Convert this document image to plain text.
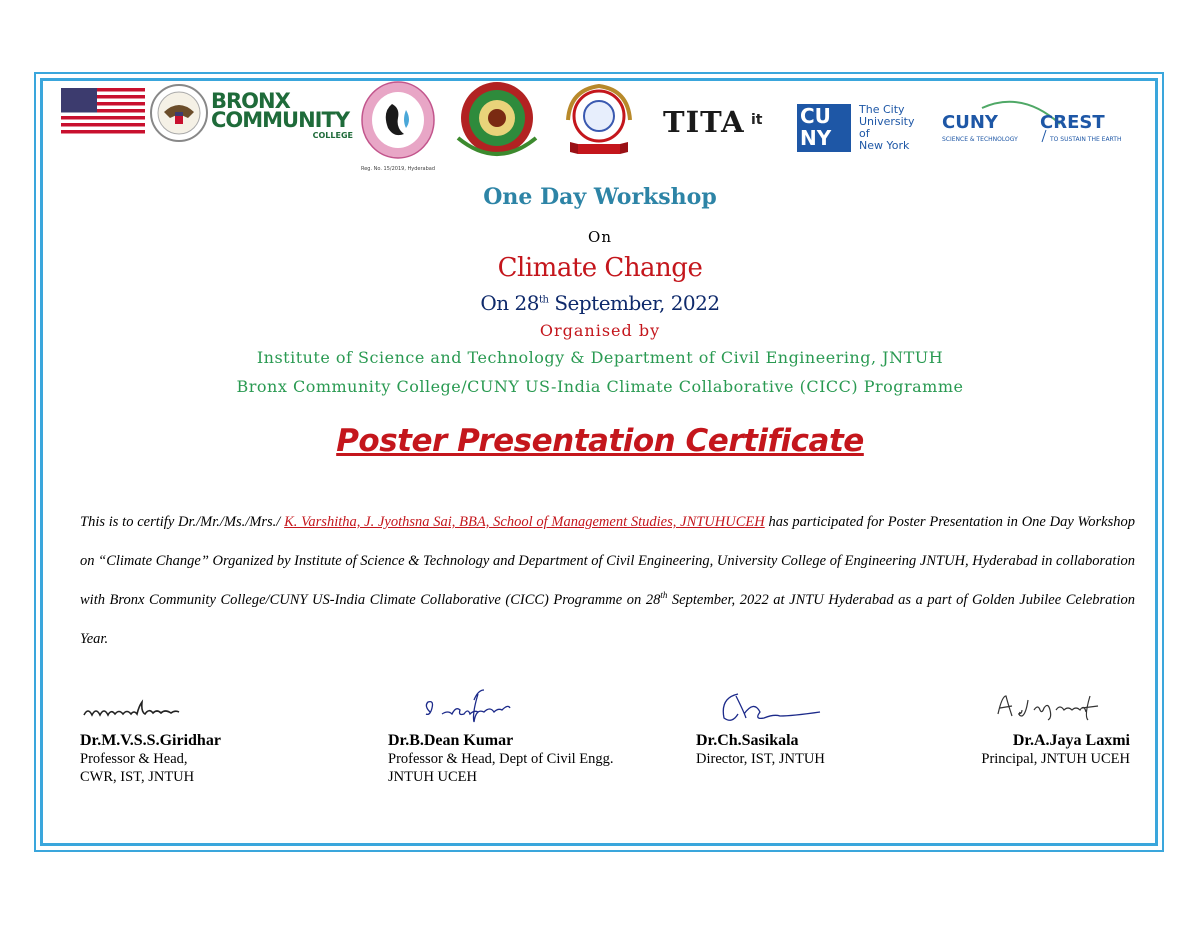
BRONX
COMMUNITY
COLLEGE
Reg. No. 15/2019, Hyderabad
TITA it CU
NY
The City
University
of
New York
CUNY CREST
SCIENCE & TECHNOLOGY	TO SUSTAIN THE EARTH
One Day Workshop
On
Climate Change
On 28th September, 2022
Organised by
Institute of Science and Technology & Department of Civil Engineering, JNTUH
Bronx Community College/CUNY US-India Climate Collaborative (CICC) Programme
Poster Presentation Certificate
This is to certify Dr./Mr./Ms./Mrs./ K. Varshitha, J. Jyothsna Sai, BBA, School of Management Studies, JNTUHUCEH has participated for Poster Presentation in One Day Workshop on “Climate Change” Organized by Institute of Science & Technology and Department of Civil Engineering, University College of Engineering JNTUH, Hyderabad in collaboration with Bronx Community College/CUNY US-India Climate Collaborative (CICC) Programme on 28th September, 2022 at JNTU Hyderabad as a part of Golden Jubilee Celebration Year.
Dr.M.V.S.S.Giridhar
Professor & Head,
CWR, IST, JNTUH
Dr.B.Dean Kumar
Professor & Head, Dept of Civil Engg.
JNTUH UCEH
Dr.Ch.Sasikala
Director, IST, JNTUH
Dr.A.Jaya Laxmi
Principal, JNTUH UCEH
